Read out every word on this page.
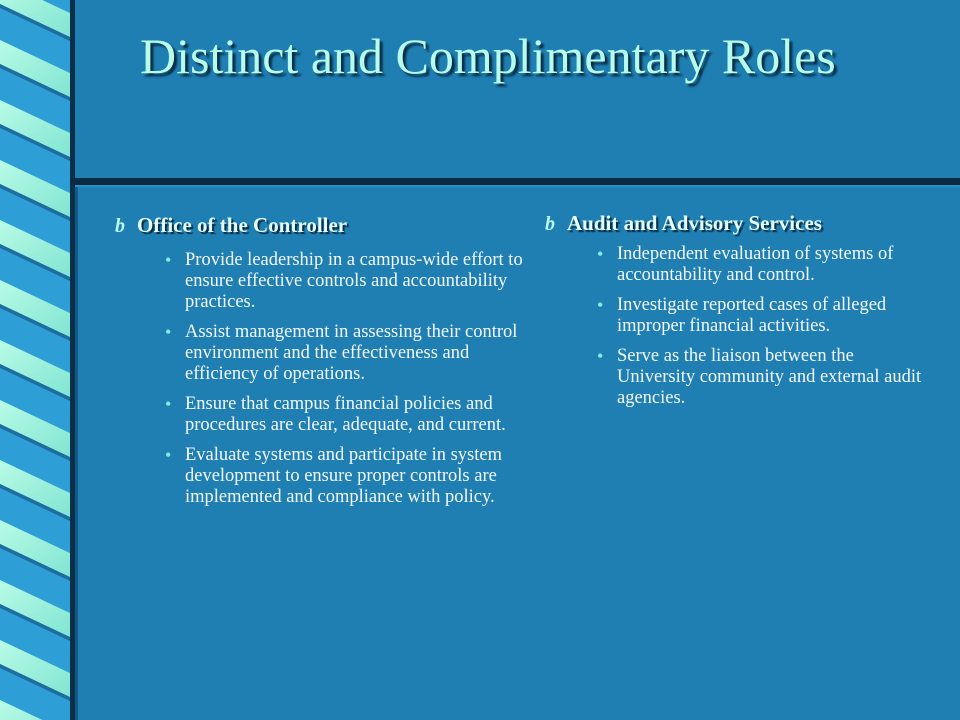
Distinct and Complimentary Roles
b Office of the Controller
• Provide leadership in a campus-wide effort to ensure effective controls and accountability practices.
• Assist management in assessing their control environment and the effectiveness and efficiency of operations.
• Ensure that campus financial policies and procedures are clear, adequate, and current.
• Evaluate systems and participate in system development to ensure proper controls are implemented and compliance with policy.
b Audit and Advisory Services
• Independent evaluation of systems of accountability and control.
• Investigate reported cases of alleged improper financial activities.
• Serve as the liaison between the University community and external audit agencies.
